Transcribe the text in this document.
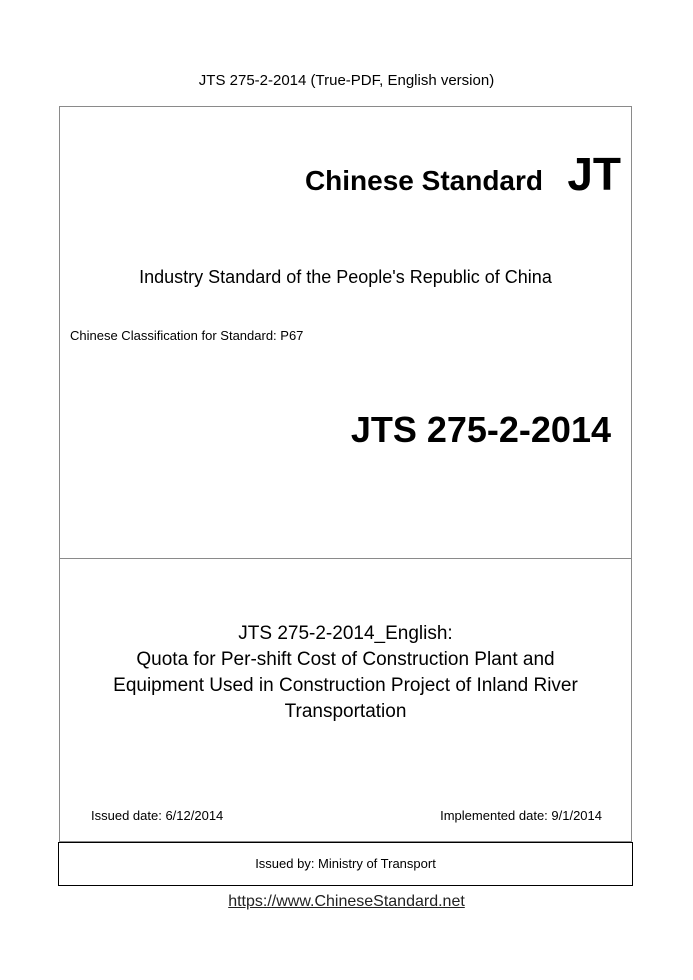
JTS 275-2-2014 (True-PDF, English version)
Chinese Standard JT
Industry Standard of the People's Republic of China
Chinese Classification for Standard: P67
JTS 275-2-2014
JTS 275-2-2014_English:
Quota for Per-shift Cost of Construction Plant and
Equipment Used in Construction Project of Inland River
Transportation
Issued date: 6/12/2014	Implemented date: 9/1/2014
Issued by: Ministry of Transport
https://www.ChineseStandard.net
